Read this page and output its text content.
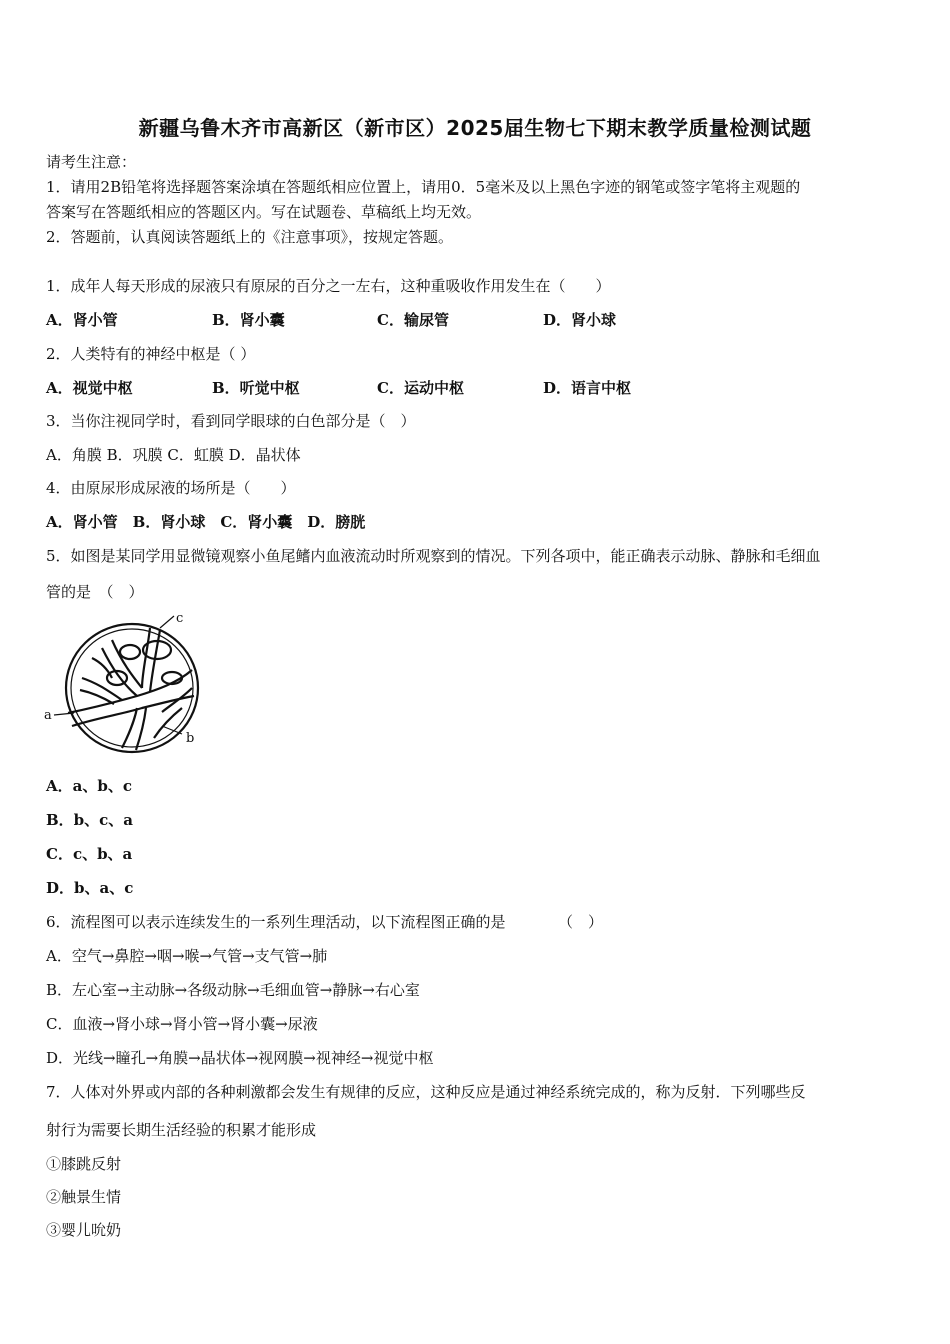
新疆乌鲁木齐市高新区（新市区）2025届生物七下期末教学质量检测试题
请考生注意：
1．请用2B铅笔将选择题答案涂填在答题纸相应位置上，请用0．5毫米及以上黑色字迹的钢笔或签字笔将主观题的
答案写在答题纸相应的答题区内。写在试题卷、草稿纸上均无效。
2．答题前，认真阅读答题纸上的《注意事项》，按规定答题。
1．成年人每天形成的尿液只有原尿的百分之一左右，这种重吸收作用发生在（　　）
A．肾小管	B．肾小囊	C．输尿管	D．肾小球
2．人类特有的神经中枢是（ ）
A．视觉中枢	B．听觉中枢	C．运动中枢	D．语言中枢
3．当你注视同学时，看到同学眼球的白色部分是（　）
A．角膜 B．巩膜 C．虹膜 D．晶状体
4．由原尿形成尿液的场所是（　　）
A．肾小管　B．肾小球　C．肾小囊　D．膀胱
5．如图是某同学用显微镜观察小鱼尾鳍内血液流动时所观察到的情况。下列各项中，能正确表示动脉、静脉和毛细血
管的是　（　）
a
c
b
A．a、b、c
B．b、c、a
C．c、b、a
D．b、a、c
6．流程图可以表示连续发生的一系列生理活动，以下流程图正确的是　　　　（　）
A．空气→鼻腔→咽→喉→气管→支气管→肺
B．左心室→主动脉→各级动脉→毛细血管→静脉→右心室
C．血液→肾小球→肾小管→肾小囊→尿液
D．光线→瞳孔→角膜→晶状体→视网膜→视神经→视觉中枢
7．人体对外界或内部的各种刺激都会发生有规律的反应，这种反应是通过神经系统完成的，称为反射．下列哪些反
射行为需要长期生活经验的积累才能形成
①膝跳反射
②触景生情
③婴儿吮奶
